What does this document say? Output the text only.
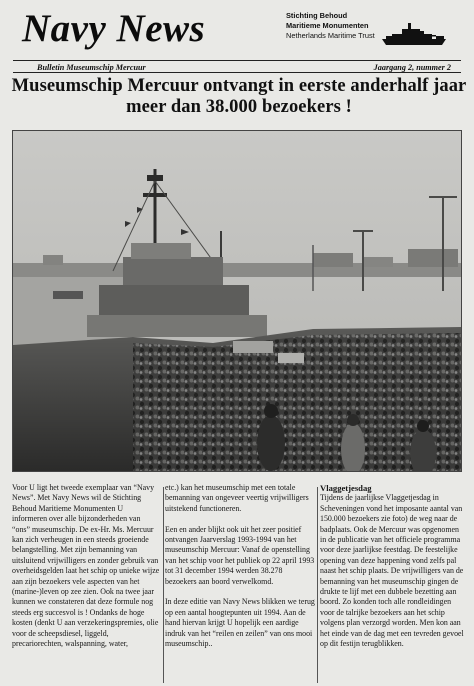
Navy News	Stichting Behoud
Maritieme Monumenten
Netherlands Maritime Trust
Bulletin Museumschip Mercuur	Jaargang 2, nummer 2
Museumschip Mercuur ontvangt in eerste anderhalf jaar meer dan 38.000 bezoekers !

Voor U ligt het tweede exemplaar van “Navy News”. Met Navy News wil de Stichting Behoud Maritieme Monumenten U informeren over alle bijzonderheden van “ons” museumschip. De ex-Hr. Ms. Mercuur kan zich verheugen in een steeds groeiende belangstelling. Met zijn bemanning van uitsluitend vrijwilligers en zonder gebruik van overheidsgelden laat het schip op unieke wijze aan zijn bezoekers vele aspecten van het (marine-)leven op zee zien. Ook na twee jaar kunnen we constateren dat deze formule nog steeds erg succesvol is ! Ondanks de hoge kosten (denkt U aan verzekeringspremies, olie voor de scheepsdiesel, liggeld, precariorechten, walspanning, water,

etc.) kan het museumschip met een totale bemanning van ongeveer veertig vrijwilligers uitstekend functioneren.

Een en ander blijkt ook uit het zeer positief ontvangen Jaarverslag 1993-1994 van het museumschip Mercuur: Vanaf de openstelling van het schip voor het publiek op 22 april 1993 tot 31 december 1994 werden 38.278 bezoekers aan boord verwelkomd.

In deze editie van Navy News blikken we terug op een aantal hoogtepunten uit 1994. Aan de hand hiervan krijgt U hopelijk een aardige indruk van het “reilen en zeilen” van ons mooi museumschip..

Vlaggetjesdag

Tijdens de jaarlijkse Vlaggetjesdag in Scheveningen vond het imposante aantal van 150.000 bezoekers zie foto) de weg naar de badplaats. Ook de Mercuur was opgenomen in de publicatie van het officiele programma voor deze jaarlijkse feestdag. De feestelijke opening van deze happening vond zelfs pal naast het schip plaats. De vrijwilligers van de bemanning van het museumschip gingen de drukte te lijf met een dubbele bezetting aan boord. Zo konden toch alle rondleidingen voor de talrijke bezoekers aan het schip volgens plan verzorgd worden. Men kon aan het einde van de dag met een tevreden gevoel op dit festijn terugblikken.
